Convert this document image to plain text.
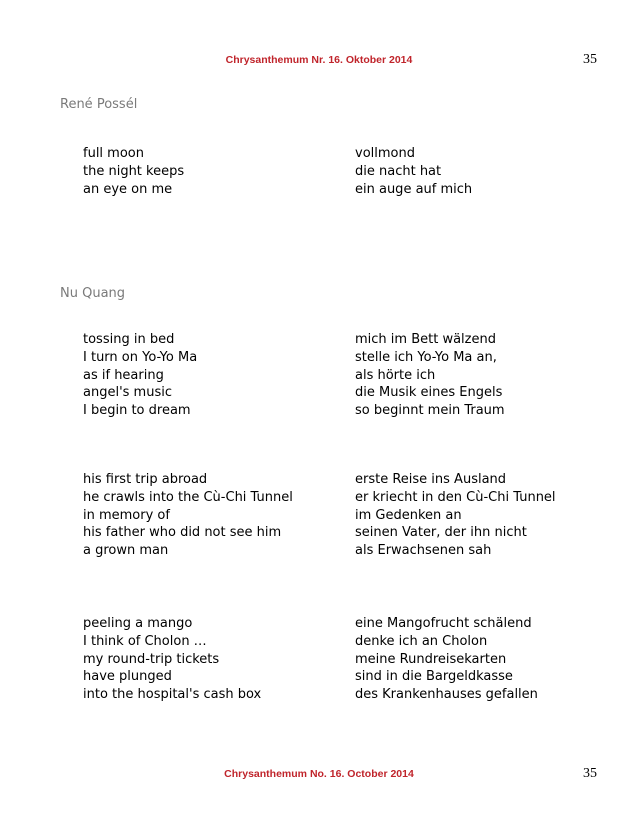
Chrysanthemum Nr. 16. Oktober 2014	35
René Possél
full moon
the night keeps
an eye on me
vollmond
die nacht hat
ein auge auf mich
Nu Quang
tossing in bed
I turn on Yo-Yo Ma
as if hearing
angel's music
I begin to dream
mich im Bett wälzend
stelle ich Yo-Yo Ma an,
als hörte ich
die Musik eines Engels
so beginnt mein Traum
his first trip abroad
he crawls into the Cù-Chi Tunnel
in memory of
his father who did not see him
a grown man
erste Reise ins Ausland
er kriecht in den Cù-Chi Tunnel
im Gedenken an
seinen Vater, der ihn nicht
als Erwachsenen sah
peeling a mango
I think of Cholon …
my round-trip tickets
have plunged
into the hospital's cash box
eine Mangofrucht schälend
denke ich an Cholon
meine Rundreisekarten
sind in die Bargeldkasse
des Krankenhauses gefallen
Chrysanthemum No. 16. October 2014	35
